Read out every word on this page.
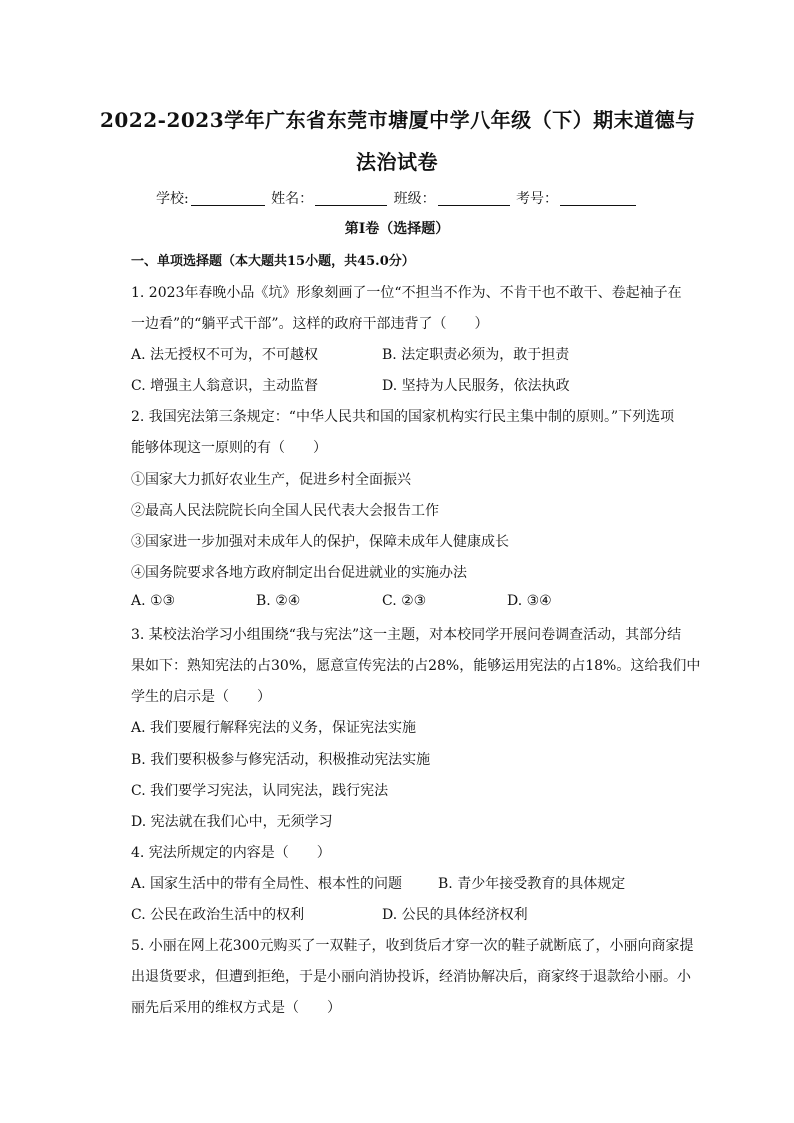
2022-2023学年广东省东莞市塘厦中学八年级（下）期末道德与
法治试卷
学校:	姓名：	班级：	考号：
第I卷（选择题）
一、单项选择题（本大题共15小题，共45.0分）
1. 2023年春晚小品《坑》形象刻画了一位“不担当不作为、不肯干也不敢干、卷起袖子在
一边看”的“躺平式干部”。这样的政府干部违背了（　　）
A. 法无授权不可为，不可越权	B. 法定职责必须为，敢于担责
C. 增强主人翁意识，主动监督	D. 坚持为人民服务，依法执政
2. 我国宪法第三条规定：“中华人民共和国的国家机构实行民主集中制的原则。”下列选项
能够体现这一原则的有（　　）
①国家大力抓好农业生产，促进乡村全面振兴
②最高人民法院院长向全国人民代表大会报告工作
③国家进一步加强对未成年人的保护，保障未成年人健康成长
④国务院要求各地方政府制定出台促进就业的实施办法
A. ①③	B. ②④	C. ②③	D. ③④
3. 某校法治学习小组围绕“我与宪法”这一主题，对本校同学开展问卷调查活动，其部分结
果如下：熟知宪法的占30%，愿意宣传宪法的占28%，能够运用宪法的占18%。这给我们中
学生的启示是（　　）
A. 我们要履行解释宪法的义务，保证宪法实施
B. 我们要积极参与修宪活动，积极推动宪法实施
C. 我们要学习宪法，认同宪法，践行宪法
D. 宪法就在我们心中，无须学习
4. 宪法所规定的内容是（　　）
A. 国家生活中的带有全局性、根本性的问题	B. 青少年接受教育的具体规定
C. 公民在政治生活中的权利	D. 公民的具体经济权利
5. 小丽在网上花300元购买了一双鞋子，收到货后才穿一次的鞋子就断底了，小丽向商家提
出退货要求，但遭到拒绝，于是小丽向消协投诉，经消协解决后，商家终于退款给小丽。小
丽先后采用的维权方式是（　　）
